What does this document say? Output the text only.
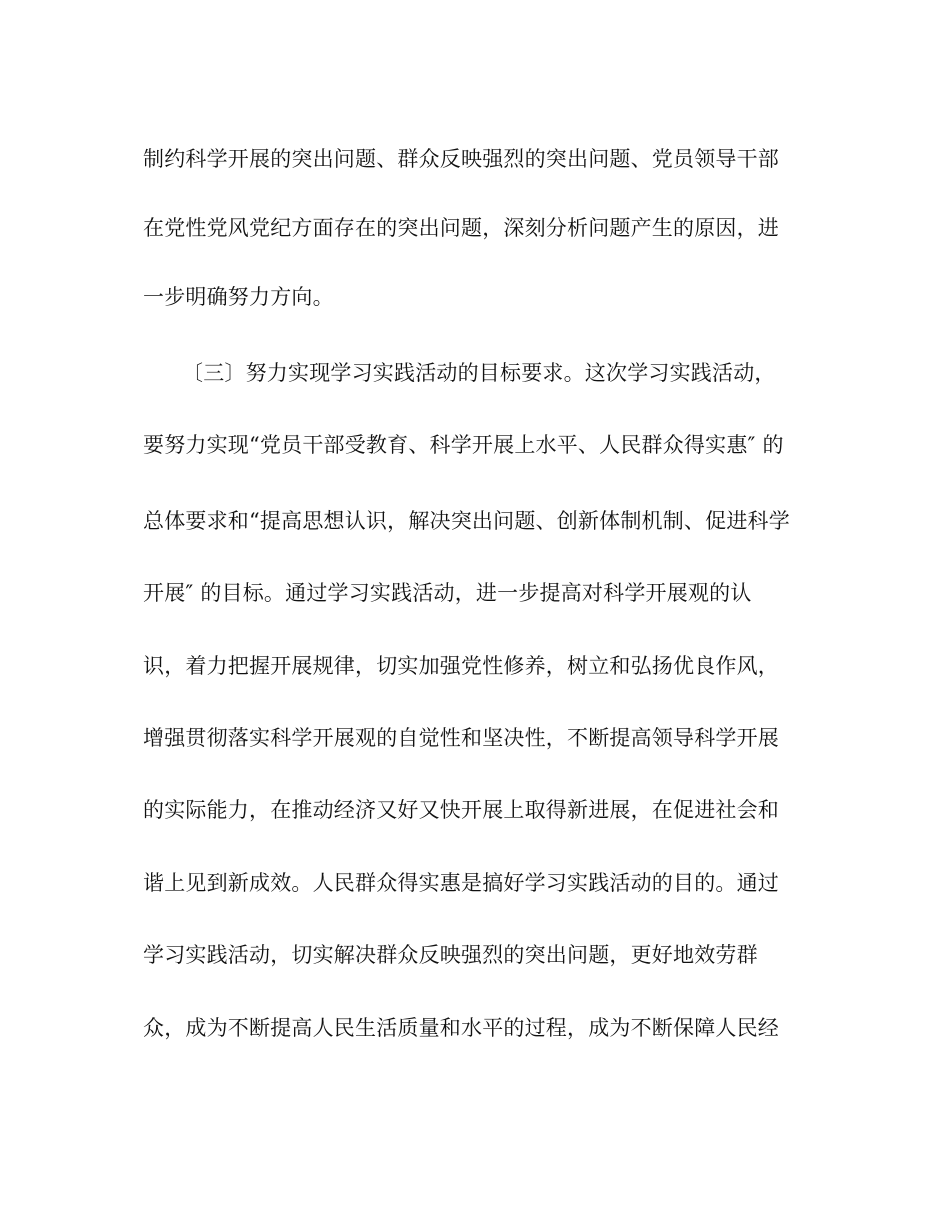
制约科学开展的突出问题、群众反映强烈的突出问题、党员领导干部
在党性党风党纪方面存在的突出问题，深刻分析问题产生的原因，进
一步明确努力方向。
〔三〕努力实现学习实践活动的目标要求。这次学习实践活动，
要努力实现“党员干部受教育、科学开展上水平、人民群众得实惠″ 的
总体要求和“提高思想认识，解决突出问题、创新体制机制、促进科学
开展″ 的目标。通过学习实践活动，进一步提高对科学开展观的认
识，着力把握开展规律，切实加强党性修养，树立和弘扬优良作风，
增强贯彻落实科学开展观的自觉性和坚决性，不断提高领导科学开展
的实际能力，在推动经济又好又快开展上取得新进展，在促进社会和
谐上见到新成效。人民群众得实惠是搞好学习实践活动的目的。通过
学习实践活动，切实解决群众反映强烈的突出问题，更好地效劳群
众，成为不断提高人民生活质量和水平的过程，成为不断保障人民经
